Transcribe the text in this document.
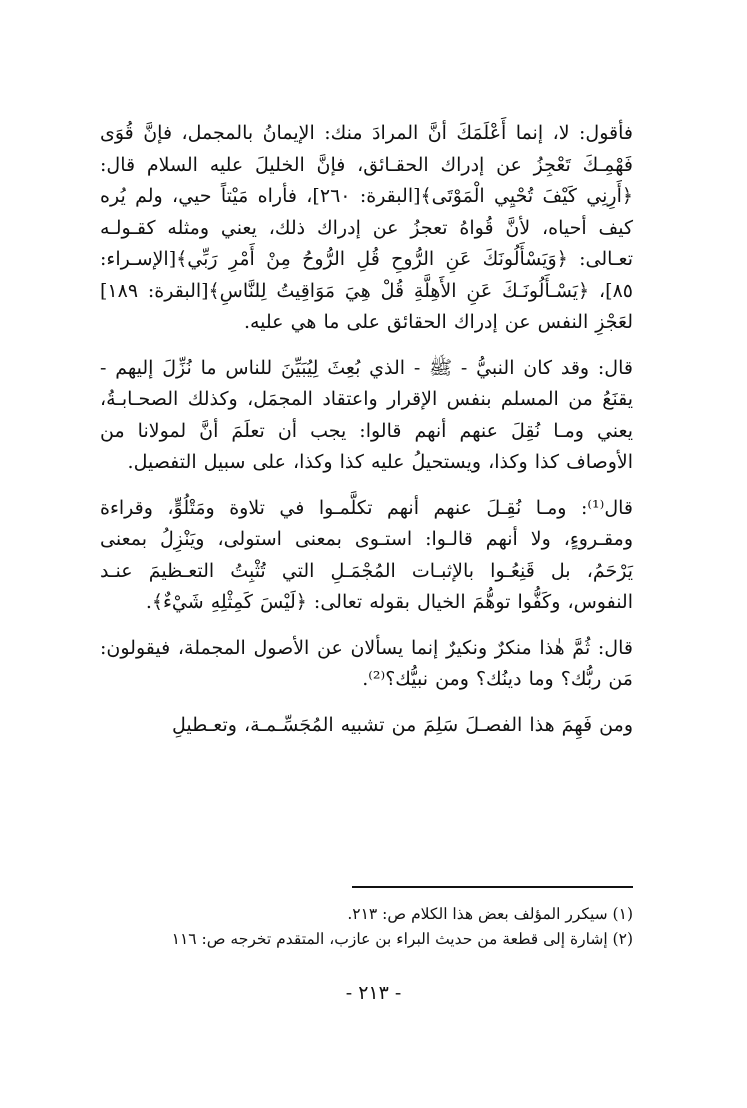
فأقول: لا، إنما أَعْلَمَكَ أنَّ المرادَ منك: الإيمانُ بالمجمل، فإنَّ قُوَى فَهْمِـكَ تَعْجِزُ عن إدراك الحقـائق، فإنَّ الخليلَ عليه السلام قال: ﴿أَرِنِي كَيْفَ تُحْيِي الْمَوْتَى﴾[البقرة: ٢٦٠]، فأراه مَيْتاً حيي، ولم يُره كيف أحياه، لأنَّ قُواهُ تعجزُ عن إدراك ذلك، يعني ومثله كقـولـه تعـالى: ﴿وَيَسْأَلُونَكَ عَنِ الرُّوحِ قُلِ الرُّوحُ مِنْ أَمْرِ رَبِّي﴾[الإسـراء: ٨٥]، ﴿يَسْـأَلُونَـكَ عَنِ الأَهِلَّةِ قُلْ هِيَ مَوَاقِيتُ لِلنَّاسِ﴾[البقرة: ١٨٩] لعَجْزِ النفس عن إدراك الحقائق على ما هي عليه.

قال: وقد كان النبيُّ - ﷺ - الذي بُعِثَ لِيُبَيِّنَ للناس ما نُزِّلَ إليهم - يقنَعُ من المسلم بنفس الإقرار واعتقاد المجمَل، وكذلك الصحـابـةُ، يعني ومـا نُقِلَ عنهم أنهم قالوا: يجب أن تعلَمَ أنَّ لمولانا من الأوصاف كذا وكذا، ويستحيلُ عليه كذا وكذا، على سبيل التفصيل.

قال⁽¹⁾: ومـا نُقِـلَ عنهم أنهم تكلَّمـوا في تلاوة ومَتْلُوٍّ، وقراءة ومقـروءٍ، ولا أنهم قالـوا: استـوى بمعنى استولى، ويَنْزِلُ بمعنى يَرْحَمُ، بل قَنِعُـوا بالإثبـات المُجْمَـلِ التي تُثْبِتُ التعـظيمَ عنـد النفوس، وكَفُّوا توهُّمَ الخيال بقوله تعالى: ﴿لَيْسَ كَمِثْلِهِ شَيْءٌ﴾.

قال: ثُمَّ هٰذا منكرٌ ونكيرٌ إنما يسألان عن الأصول المجملة، فيقولون: مَن ربُّك؟ وما دينُك؟ ومن نبيُّك؟⁽²⁾.

ومن فَهِمَ هذا الفصـلَ سَلِمَ من تشبيه المُجَسِّـمـة، وتعـطيلِ

(١) سيكرر المؤلف بعض هذا الكلام ص: ٢١٣.

(٢) إشارة إلى قطعة من حديث البراء بن عازب، المتقدم تخرجه ص: ١١٦

- ٢١٣ -
